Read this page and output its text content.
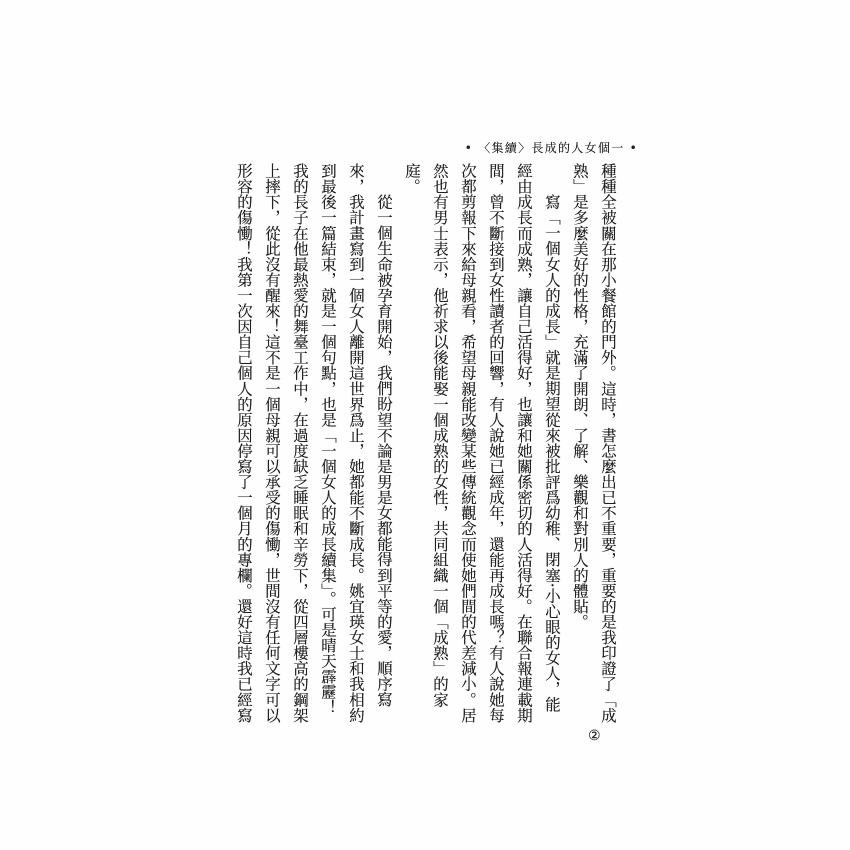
• 〈集續〉長成的人女個一 •
種種全被關在那小餐館的門外。這時，書怎麼出已不重要，重要的是我印證了「成
熟」是多麼美好的性格，充滿了開朗、了解、樂觀和對別人的體貼。
寫「一個女人的成長」就是期望從來被批評爲幼稚、閉塞·小心眼的女人，能
經由成長而成熟，讓自己活得好，也讓和她關係密切的人活得好。在聯合報連載期
間，曾不斷接到女性讀者的回響，有人說她已經成年，還能再成長嗎？有人說她每
次都剪報下來給母親看，希望母親能改變某些傳統觀念而使她們間的代差減小。居
然也有男士表示，他祈求以後能娶一個成熟的女性，共同組織一個「成熟」的家
庭。
從一個生命被孕育開始，我們盼望不論是男是女都能得到平等的愛，順序寫
來，我計畫寫到一個女人離開這世界爲止，她都能不斷成長。姚宜瑛女士和我相約
到最後一篇結束，就是一個句點，也是「一個女人的成長續集」。可是晴天霹靂！
我的長子在他最熱愛的舞臺工作中，在過度缺乏睡眠和辛勞下，從四層樓高的鋼架
上摔下，從此沒有醒來！這不是一個母親可以承受的傷慟，世間沒有任何文字可以
形容的傷慟！我第一次因自己個人的原因停寫了一個月的專欄。還好這時我已經寫
②
